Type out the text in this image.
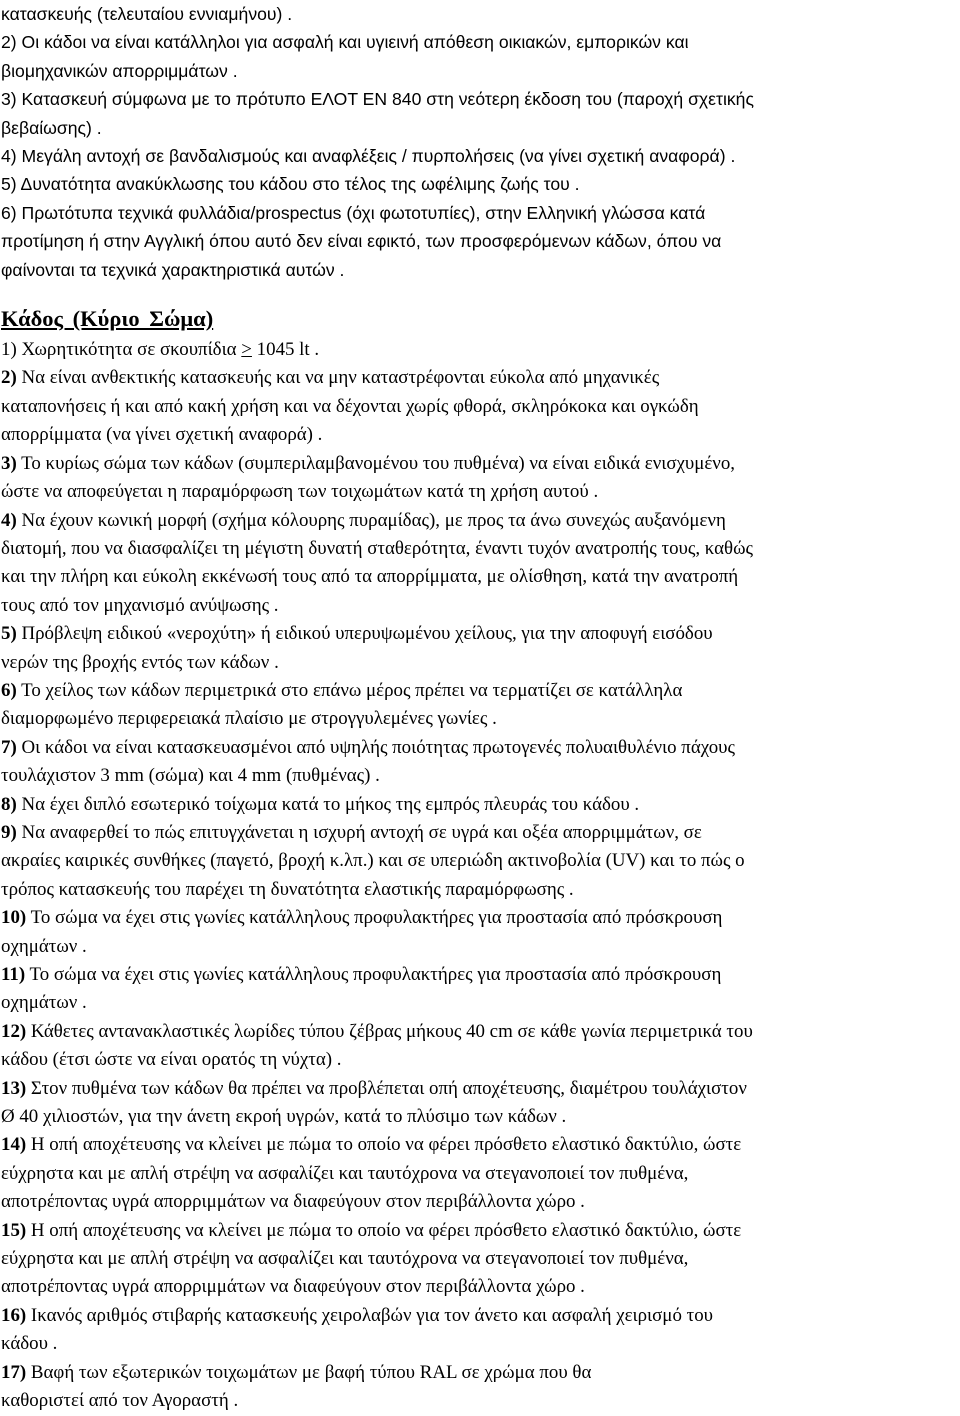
κατασκευής (τελευταίου εννιαμήνου) .
2) Οι κάδοι να είναι κατάλληλοι για ασφαλή και υγιεινή απόθεση οικιακών, εμπορικών και
βιομηχανικών απορριμμάτων .
3) Κατασκευή σύμφωνα με το πρότυπο ΕΛΟΤ ΕΝ 840 στη νεότερη έκδοση του (παροχή σχετικής
βεβαίωσης) .
4) Μεγάλη αντοχή σε βανδαλισμούς και αναφλέξεις / πυρπολήσεις (να γίνει σχετική αναφορά) .
5) Δυνατότητα ανακύκλωσης του κάδου στο τέλος της ωφέλιμης ζωής του .
6) Πρωτότυπα τεχνικά φυλλάδια/prospectus (όχι φωτοτυπίες), στην Ελληνική γλώσσα κατά
προτίμηση ή στην Αγγλική όπου αυτό δεν είναι εφικτό, των προσφερόμενων κάδων, όπου να
φαίνονται τα τεχνικά χαρακτηριστικά αυτών .
Κάδος (Κύριο Σώμα)
1) Χωρητικότητα σε σκουπίδια ≥ 1045 lt .
2) Να είναι ανθεκτικής κατασκευής και να μην καταστρέφονται εύκολα από μηχανικές
καταπονήσεις ή και από κακή χρήση και να δέχονται χωρίς φθορά, σκληρόκοκα και ογκώδη
απορρίμματα (να γίνει σχετική αναφορά) .
3) Το κυρίως σώμα των κάδων (συμπεριλαμβανομένου του πυθμένα) να είναι ειδικά ενισχυμένο,
ώστε να αποφεύγεται η παραμόρφωση των τοιχωμάτων κατά τη χρήση αυτού .
4) Να έχουν κωνική μορφή (σχήμα κόλουρης πυραμίδας), με προς τα άνω συνεχώς αυξανόμενη
διατομή, που να διασφαλίζει τη μέγιστη δυνατή σταθερότητα, έναντι τυχόν ανατροπής τους, καθώς
και την πλήρη και εύκολη εκκένωσή τους από τα απορρίμματα, με ολίσθηση, κατά την ανατροπή
τους από τον μηχανισμό ανύψωσης .
5) Πρόβλεψη ειδικού «νεροχύτη» ή ειδικού υπερυψωμένου χείλους, για την αποφυγή εισόδου
νερών της βροχής εντός των κάδων .
6) Το χείλος των κάδων περιμετρικά στο επάνω μέρος πρέπει να τερματίζει σε κατάλληλα
διαμορφωμένο περιφερειακά πλαίσιο με στρογγυλεμένες γωνίες .
7) Οι κάδοι να είναι κατασκευασμένοι από υψηλής ποιότητας πρωτογενές πολυαιθυλένιο πάχους
τουλάχιστον 3 mm (σώμα) και 4 mm (πυθμένας) .
8) Να έχει διπλό εσωτερικό τοίχωμα κατά το μήκος της εμπρός πλευράς του κάδου .
9) Να αναφερθεί το πώς επιτυγχάνεται η ισχυρή αντοχή σε υγρά και οξέα απορριμμάτων, σε
ακραίες καιρικές συνθήκες (παγετό, βροχή κ.λπ.) και σε υπεριώδη ακτινοβολία (UV) και το πώς ο
τρόπος κατασκευής του παρέχει τη δυνατότητα ελαστικής παραμόρφωσης .
10) Το σώμα να έχει στις γωνίες κατάλληλους προφυλακτήρες για προστασία από πρόσκρουση
οχημάτων .
11) Το σώμα να έχει στις γωνίες κατάλληλους προφυλακτήρες για προστασία από πρόσκρουση
οχημάτων .
12) Κάθετες αντανακλαστικές λωρίδες τύπου ζέβρας μήκους 40 cm σε κάθε γωνία περιμετρικά του
κάδου (έτσι ώστε να είναι ορατός τη νύχτα) .
13) Στον πυθμένα των κάδων θα πρέπει να προβλέπεται οπή αποχέτευσης, διαμέτρου τουλάχιστον
Ø 40 χιλιοστών, για την άνετη εκροή υγρών, κατά το πλύσιμο των κάδων .
14) Η οπή αποχέτευσης να κλείνει με πώμα το οποίο να φέρει πρόσθετο ελαστικό δακτύλιο, ώστε
εύχρηστα και με απλή στρέψη να ασφαλίζει και ταυτόχρονα να στεγανοποιεί τον πυθμένα,
αποτρέποντας υγρά απορριμμάτων να διαφεύγουν στον περιβάλλοντα χώρο .
15) Η οπή αποχέτευσης να κλείνει με πώμα το οποίο να φέρει πρόσθετο ελαστικό δακτύλιο, ώστε
εύχρηστα και με απλή στρέψη να ασφαλίζει και ταυτόχρονα να στεγανοποιεί τον πυθμένα,
αποτρέποντας υγρά απορριμμάτων να διαφεύγουν στον περιβάλλοντα χώρο .
16) Ικανός αριθμός στιβαρής κατασκευής χειρολαβών για τον άνετο και ασφαλή χειρισμό του
κάδου .
17) Βαφή των εξωτερικών τοιχωμάτων με βαφή τύπου RAL σε χρώμα που θα
καθοριστεί από τον Αγοραστή .
